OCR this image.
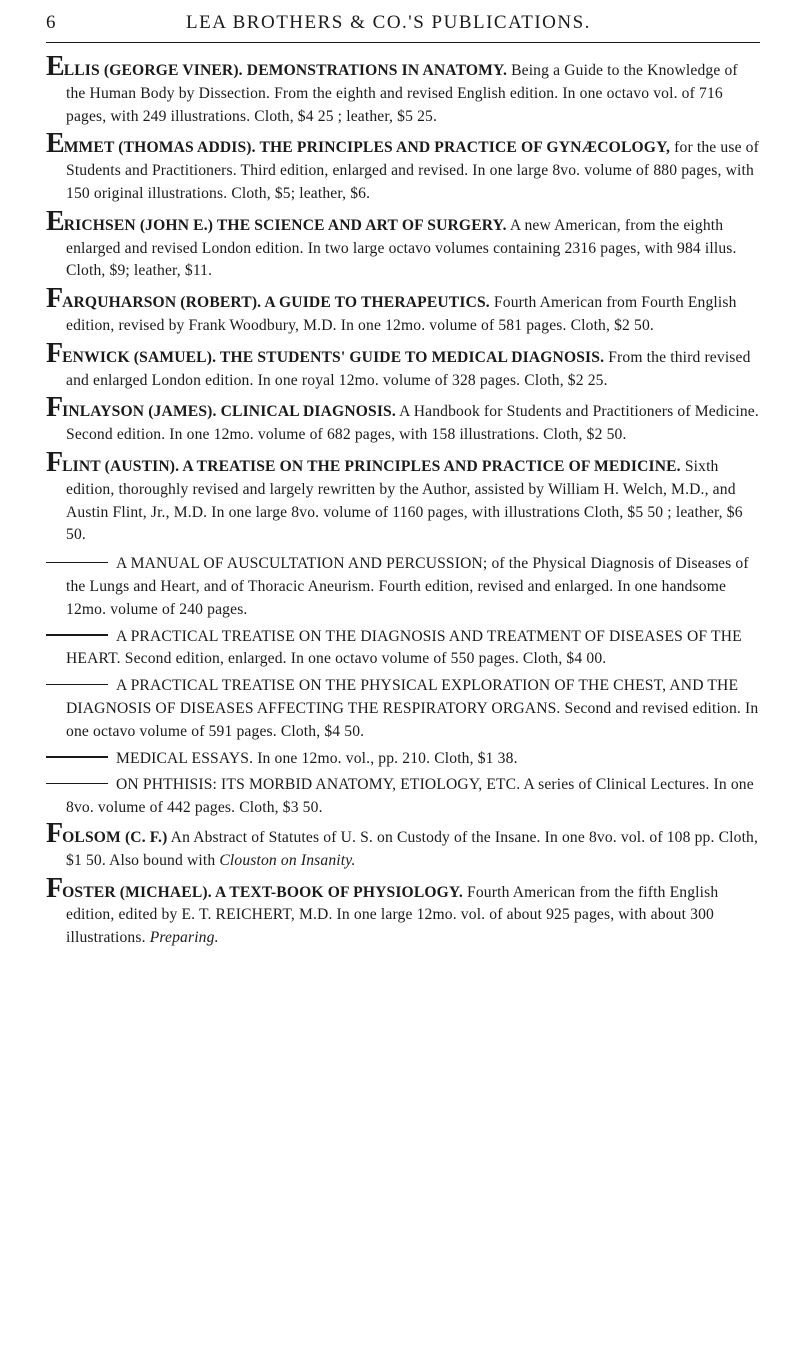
6	LEA BROTHERS & CO.'S PUBLICATIONS.
ELLIS (GEORGE VINER). DEMONSTRATIONS IN ANATOMY. Being a Guide to the Knowledge of the Human Body by Dissection. From the eighth and revised English edition. In one octavo vol. of 716 pages, with 249 illustrations. Cloth, $4 25 ; leather, $5 25.
EMMET (THOMAS ADDIS). THE PRINCIPLES AND PRACTICE OF GYNÆCOLOGY, for the use of Students and Practitioners. Third edition, enlarged and revised. In one large 8vo. volume of 880 pages, with 150 original illustrations. Cloth, $5; leather, $6.
ERICHSEN (JOHN E.) THE SCIENCE AND ART OF SURGERY. A new American, from the eighth enlarged and revised London edition. In two large octavo volumes containing 2316 pages, with 984 illus. Cloth, $9; leather, $11.
FARQUHARSON (ROBERT). A GUIDE TO THERAPEUTICS. Fourth American from Fourth English edition, revised by Frank Woodbury, M.D. In one 12mo. volume of 581 pages. Cloth, $2 50.
FENWICK (SAMUEL). THE STUDENTS' GUIDE TO MEDICAL DIAGNOSIS. From the third revised and enlarged London edition. In one royal 12mo. volume of 328 pages. Cloth, $2 25.
FINLAYSON (JAMES). CLINICAL DIAGNOSIS. A Handbook for Students and Practitioners of Medicine. Second edition. In one 12mo. volume of 682 pages, with 158 illustrations. Cloth, $2 50.
FLINT (AUSTIN). A TREATISE ON THE PRINCIPLES AND PRACTICE OF MEDICINE. Sixth edition, thoroughly revised and largely rewritten by the Author, assisted by William H. Welch, M.D., and Austin Flint, Jr., M.D. In one large 8vo. volume of 1160 pages, with illustrations Cloth, $5 50 ; leather, $6 50.
A MANUAL OF AUSCULTATION AND PERCUSSION; of the Physical Diagnosis of Diseases of the Lungs and Heart, and of Thoracic Aneurism. Fourth edition, revised and enlarged. In one handsome 12mo. volume of 240 pages.
A PRACTICAL TREATISE ON THE DIAGNOSIS AND TREATMENT OF DISEASES OF THE HEART. Second edition, enlarged. In one octavo volume of 550 pages. Cloth, $4 00.
A PRACTICAL TREATISE ON THE PHYSICAL EXPLORATION OF THE CHEST, AND THE DIAGNOSIS OF DISEASES AFFECTING THE RESPIRATORY ORGANS. Second and revised edition. In one octavo volume of 591 pages. Cloth, $4 50.
MEDICAL ESSAYS. In one 12mo. vol., pp. 210. Cloth, $1 38.
ON PHTHISIS: ITS MORBID ANATOMY, ETIOLOGY, ETC. A series of Clinical Lectures. In one 8vo. volume of 442 pages. Cloth, $3 50.
FOLSOM (C. F.) An Abstract of Statutes of U. S. on Custody of the Insane. In one 8vo. vol. of 108 pp. Cloth, $1 50. Also bound with Clouston on Insanity.
FOSTER (MICHAEL). A TEXT-BOOK OF PHYSIOLOGY. Fourth American from the fifth English edition, edited by E. T. REICHERT, M.D. In one large 12mo. vol. of about 925 pages, with about 300 illustrations. Preparing.
